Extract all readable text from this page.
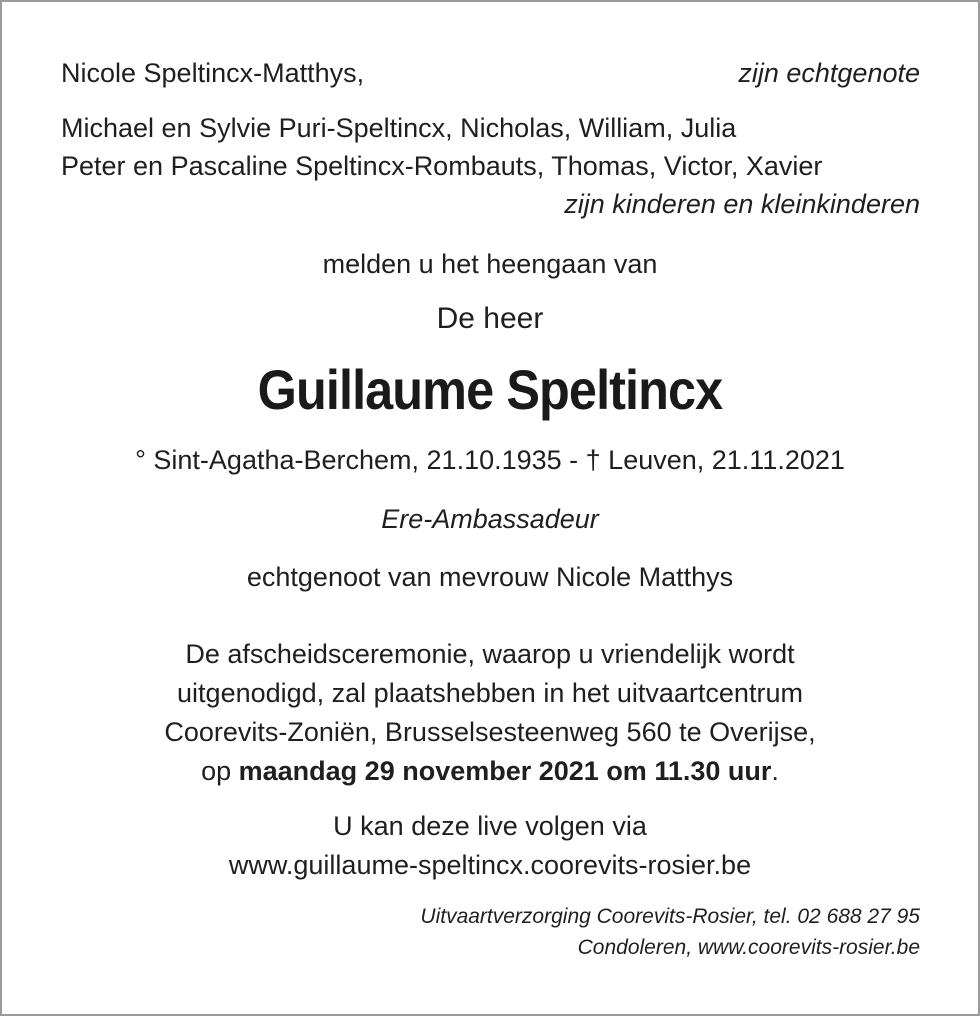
Nicole Speltincx-Matthys,	zijn echtgenote
Michael en Sylvie Puri-Speltincx, Nicholas, William, Julia
Peter en Pascaline Speltincx-Rombauts, Thomas, Victor, Xavier
zijn kinderen en kleinkinderen
melden u het heengaan van
De heer
Guillaume Speltincx
° Sint-Agatha-Berchem, 21.10.1935 - † Leuven, 21.11.2021
Ere-Ambassadeur
echtgenoot van mevrouw Nicole Matthys
De afscheidsceremonie, waarop u vriendelijk wordt
uitgenodigd, zal plaatshebben in het uitvaartcentrum
Coorevits-Zoniën, Brusselsesteenweg 560 te Overijse,
op maandag 29 november 2021 om 11.30 uur.
U kan deze live volgen via
www.guillaume-speltincx.coorevits-rosier.be
Uitvaartverzorging Coorevits-Rosier, tel. 02 688 27 95
Condoleren, www.coorevits-rosier.be
